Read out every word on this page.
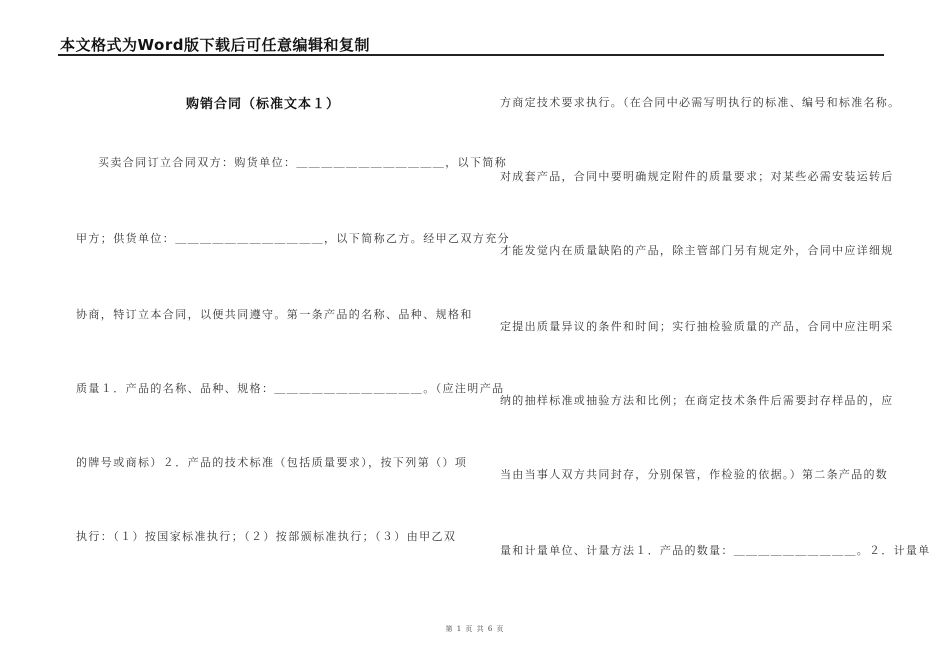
本文格式为Word版下载后可任意编辑和复制
购销合同（标准文本１）
买卖合同订立合同双方：购货单位：＿＿＿＿＿＿＿＿＿＿＿＿，以下简称
甲方；供货单位：＿＿＿＿＿＿＿＿＿＿＿＿，以下简称乙方。经甲乙双方充分
协商，特订立本合同，以便共同遵守。第一条产品的名称、品种、规格和
质量１．产品的名称、品种、规格：＿＿＿＿＿＿＿＿＿＿＿＿。（应注明产品
的牌号或商标）２．产品的技术标准（包括质量要求），按下列第（）项
执行：（１）按国家标准执行；（２）按部颁标准执行；（３）由甲乙双
方商定技术要求执行。（在合同中必需写明执行的标准、编号和标准名称。
对成套产品，合同中要明确规定附件的质量要求；对某些必需安装运转后
才能发觉内在质量缺陷的产品，除主管部门另有规定外，合同中应详细规
定提出质量异议的条件和时间；实行抽检验质量的产品，合同中应注明采
纳的抽样标准或抽验方法和比例；在商定技术条件后需要封存样品的，应
当由当事人双方共同封存，分别保管，作检验的依据。）第二条产品的数
量和计量单位、计量方法１．产品的数量：＿＿＿＿＿＿＿＿＿＿。２．计量单
第 1 页 共 6 页
